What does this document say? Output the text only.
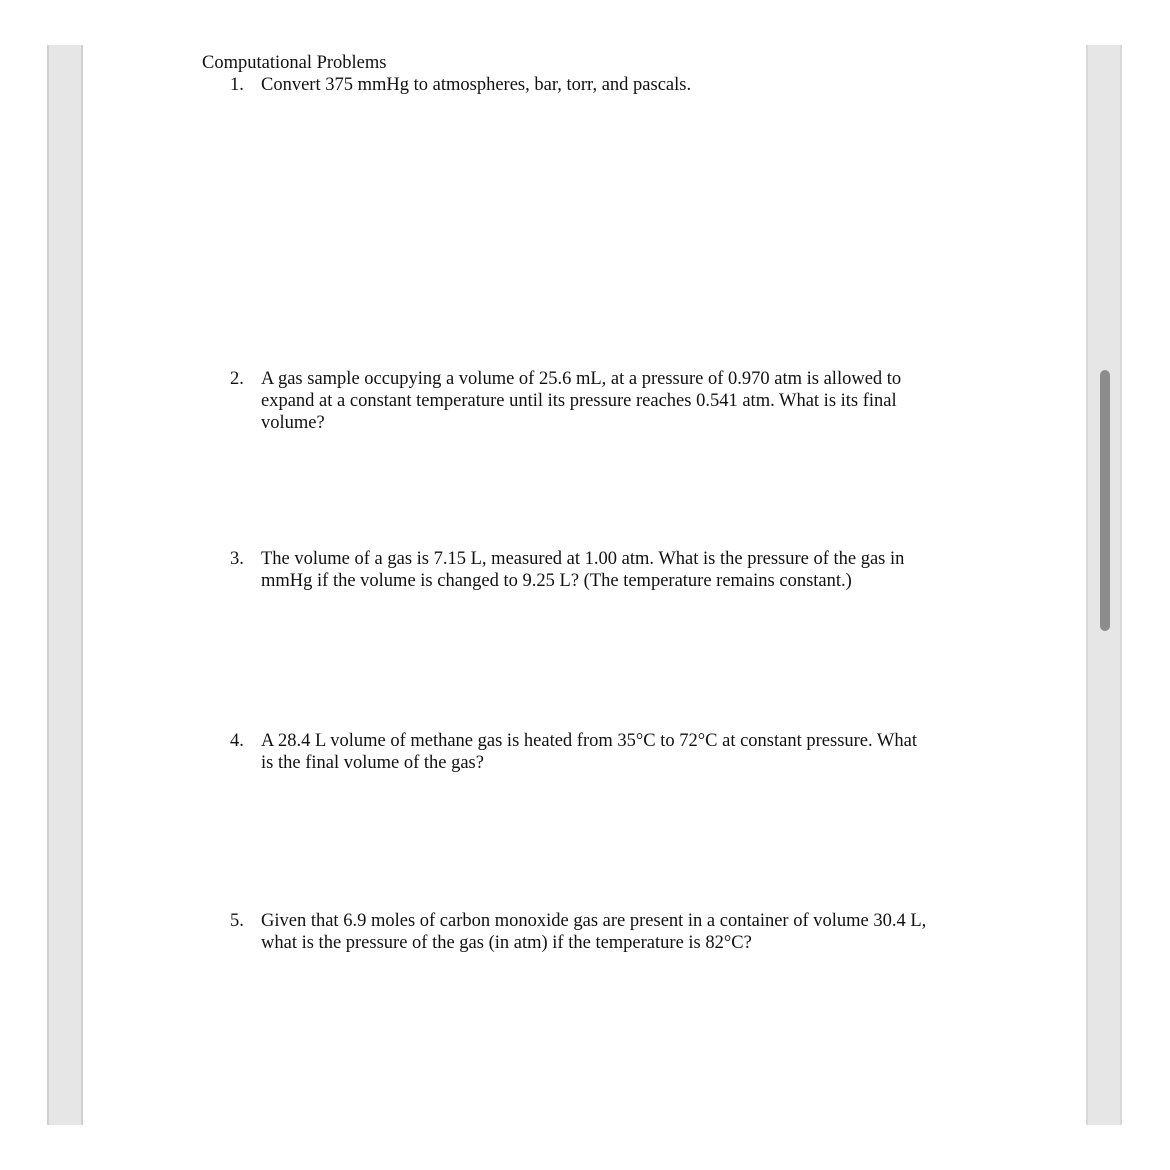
Computational Problems
1. Convert 375 mmHg to atmospheres, bar, torr, and pascals.
2. A gas sample occupying a volume of 25.6 mL, at a pressure of 0.970 atm is allowed to
expand at a constant temperature until its pressure reaches 0.541 atm. What is its final
volume?
3. The volume of a gas is 7.15 L, measured at 1.00 atm. What is the pressure of the gas in
mmHg if the volume is changed to 9.25 L? (The temperature remains constant.)
4. A 28.4 L volume of methane gas is heated from 35°C to 72°C at constant pressure. What
is the final volume of the gas?
5. Given that 6.9 moles of carbon monoxide gas are present in a container of volume 30.4 L,
what is the pressure of the gas (in atm) if the temperature is 82°C?
